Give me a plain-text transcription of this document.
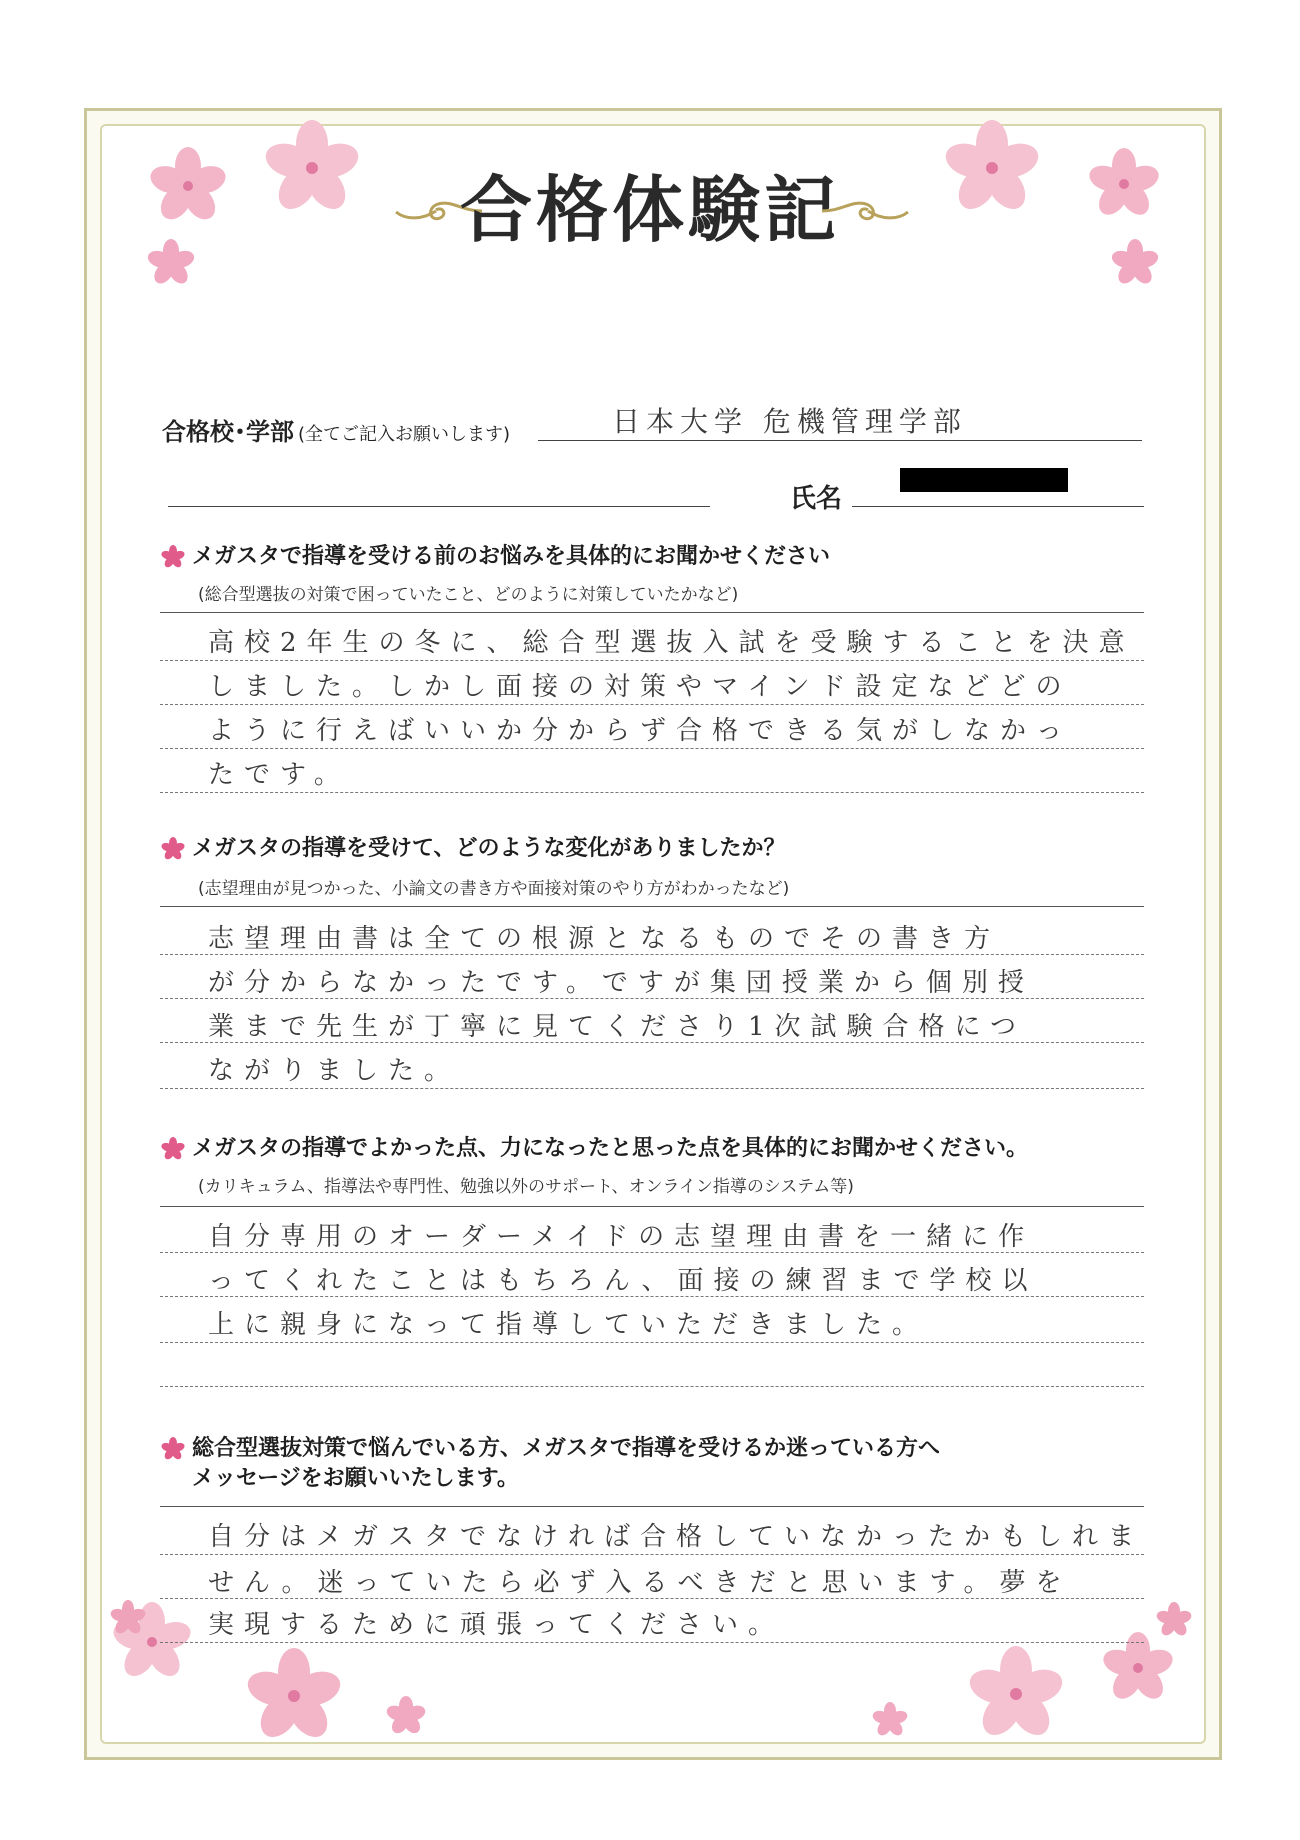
合格体験記
合格校･学部 (全てご記入お願いします)	日本大学 危機管理学部
氏名
メガスタで指導を受ける前のお悩みを具体的にお聞かせください
(総合型選抜の対策で困っていたこと、どのように対策していたかなど)
高校2年生の冬に、総合型選抜入試を受験することを決意
しました。しかし面接の対策やマインド設定などどの
ように行えばいいか分からず合格できる気がしなかっ
たです。
メガスタの指導を受けて、どのような変化がありましたか？
(志望理由が見つかった、小論文の書き方や面接対策のやり方がわかったなど)
志望理由書は全ての根源となるものでその書き方
が分からなかったです。ですが集団授業から個別授
業まで先生が丁寧に見てくださり1次試験合格につ
ながりました。
メガスタの指導でよかった点、力になったと思った点を具体的にお聞かせください。
(カリキュラム、指導法や専門性、勉強以外のサポート、オンライン指導のシステム等)
自分専用のオーダーメイドの志望理由書を一緒に作
ってくれたことはもちろん、面接の練習まで学校以
上に親身になって指導していただきました。
総合型選抜対策で悩んでいる方、メガスタで指導を受けるか迷っている方へ
メッセージをお願いいたします。
自分はメガスタでなければ合格していなかったかもしれま
せん。迷っていたら必ず入るべきだと思います。夢を
実現するために頑張ってください。
